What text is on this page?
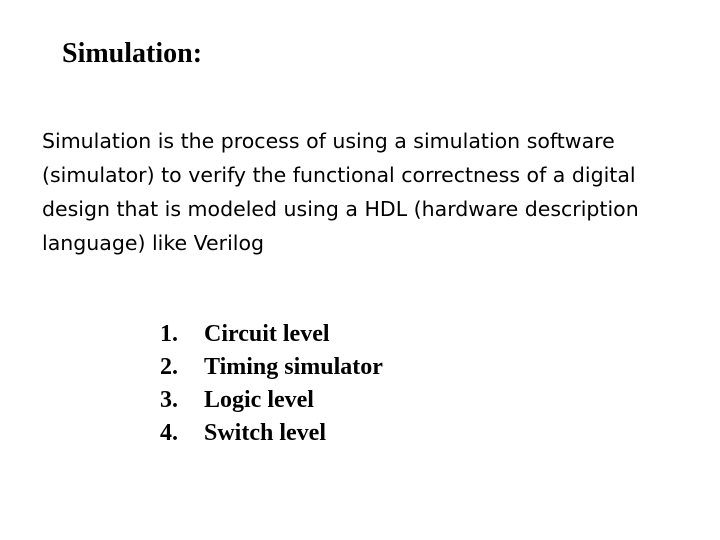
Simulation:

Simulation is the process of using a simulation software (simulator) to verify the functional correctness of a digital design that is modeled using a HDL (hardware description language) like Verilog

1.	Circuit level
2.	Timing simulator
3.	Logic level
4.	Switch level
